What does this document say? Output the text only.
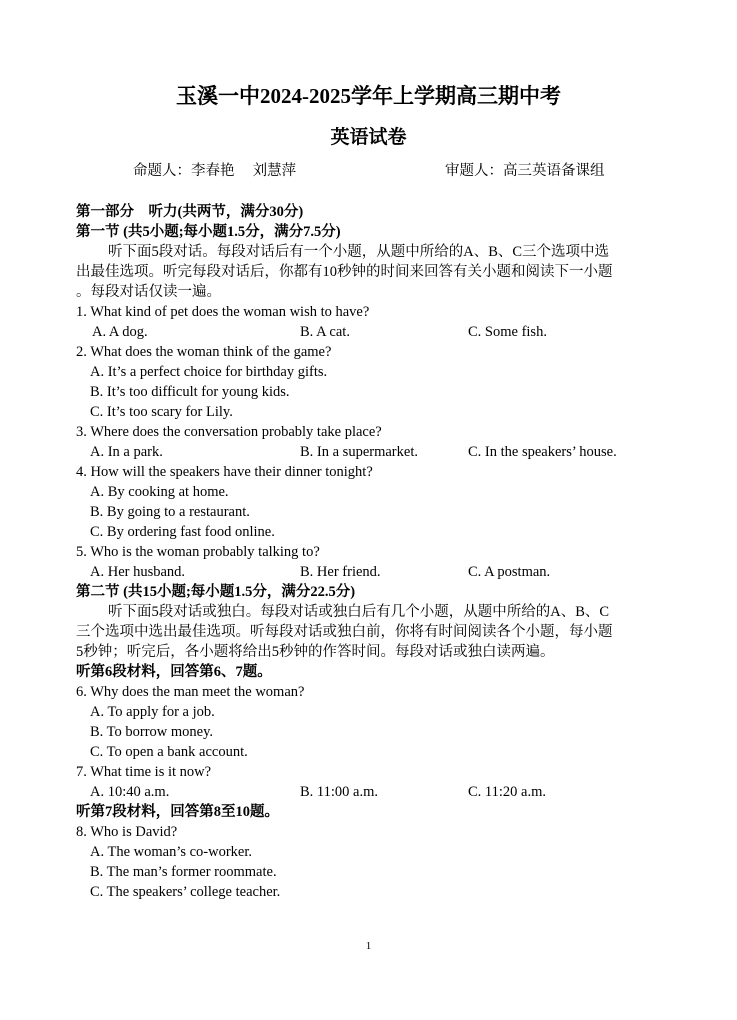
玉溪一中2024-2025学年上学期高三期中考
英语试卷
命题人：李春艳　 刘慧萍	审题人：高三英语备课组
第一部分　听力(共两节，满分30分)
第一节 (共5小题;每小题1.5分，满分7.5分)
听下面5段对话。每段对话后有一个小题，从题中所给的A、B、C三个选项中选
出最佳选项。听完每段对话后，你都有10秒钟的时间来回答有关小题和阅读下一小题
。每段对话仅读一遍。
1. What kind of pet does the woman wish to have?
A. A dog.	B. A cat.	C. Some fish.
2. What does the woman think of the game?
A. It’s a perfect choice for birthday gifts.
B. It’s too difficult for young kids.
C. It’s too scary for Lily.
3. Where does the conversation probably take place?
A. In a park.	B. In a supermarket.	C. In the speakers’ house.
4. How will the speakers have their dinner tonight?
A. By cooking at home.
B. By going to a restaurant.
C. By ordering fast food online.
5. Who is the woman probably talking to?
A. Her husband.	B. Her friend.	C. A postman.
第二节 (共15小题;每小题1.5分，满分22.5分)
听下面5段对话或独白。每段对话或独白后有几个小题，从题中所给的A、B、C
三个选项中选出最佳选项。听每段对话或独白前，你将有时间阅读各个小题，每小题
5秒钟；听完后，各小题将给出5秒钟的作答时间。每段对话或独白读两遍。
听第6段材料，回答第6、7题。
6. Why does the man meet the woman?
A. To apply for a job.
B. To borrow money.
C. To open a bank account.
7. What time is it now?
A. 10:40 a.m.	B. 11:00 a.m.	C. 11:20 a.m.
听第7段材料，回答第8至10题。
8. Who is David?
A. The woman’s co-worker.
B. The man’s former roommate.
C. The speakers’ college teacher.
1
